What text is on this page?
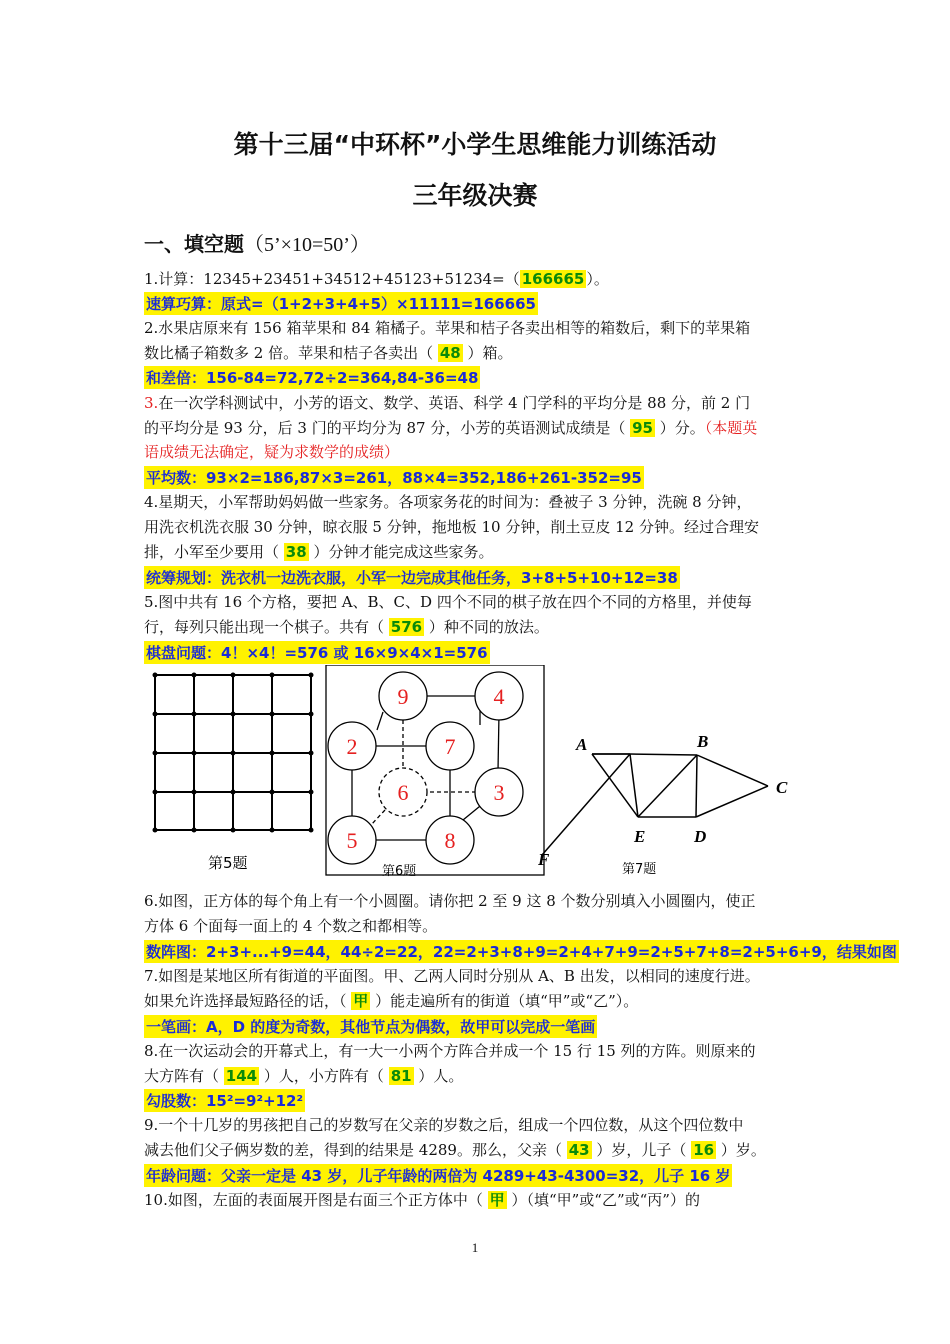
第十三届“中环杯”小学生思维能力训练活动
三年级决赛
一、填空题（5’×10=50’）
1.计算：12345+23451+34512+45123+51234=（ 166665 ）。
速算巧算：原式=（1+2+3+4+5）×11111=166665
2.水果店原来有 156 箱苹果和 84 箱橘子。苹果和桔子各卖出相等的箱数后，剩下的苹果箱
数比橘子箱数多 2 倍。苹果和桔子各卖出（ 48 ）箱。
和差倍：156-84=72,72÷2=364,84-36=48
3.在一次学科测试中，小芳的语文、数学、英语、科学 4 门学科的平均分是 88 分，前 2 门
的平均分是 93 分，后 3 门的平均分为 87 分，小芳的英语测试成绩是（ 95 ）分。（本题英
语成绩无法确定，疑为求数学的成绩）
平均数：93×2=186,87×3=261，88×4=352,186+261-352=95
4.星期天，小军帮助妈妈做一些家务。各项家务花的时间为：叠被子 3 分钟，洗碗 8 分钟，
用洗衣机洗衣服 30 分钟，晾衣服 5 分钟，拖地板 10 分钟，削土豆皮 12 分钟。经过合理安
排，小军至少要用（ 38 ）分钟才能完成这些家务。
统筹规划：洗衣机一边洗衣服，小军一边完成其他任务，3+8+5+10+12=38
5.图中共有 16 个方格，要把 A、B、C、D 四个不同的棋子放在四个不同的方格里，并使每
行，每列只能出现一个棋子。共有（ 576 ）种不同的放法。
棋盘问题：4！×4！=576 或 16×9×4×1=576
第5题
9	4
2	7
6	3
5	8
第6题
A	B
C
D
E
F
第7题
6.如图，正方体的每个角上有一个小圆圈。请你把 2 至 9 这 8 个数分别填入小圆圈内，使正
方体 6 个面每一面上的 4 个数之和都相等。
数阵图：2+3+...+9=44，44÷2=22，22=2+3+8+9=2+4+7+9=2+5+7+8=2+5+6+9，结果如图
7.如图是某地区所有街道的平面图。甲、乙两人同时分别从 A、B 出发，以相同的速度行进。
如果允许选择最短路径的话，（ 甲 ）能走遍所有的街道（填“甲”或“乙”）。
一笔画：A，D 的度为奇数，其他节点为偶数，故甲可以完成一笔画
8.在一次运动会的开幕式上，有一大一小两个方阵合并成一个 15 行 15 列的方阵。则原来的
大方阵有（ 144 ）人，小方阵有（ 81 ）人。
勾股数：15²=9²+12²
9.一个十几岁的男孩把自己的岁数写在父亲的岁数之后，组成一个四位数，从这个四位数中
减去他们父子俩岁数的差，得到的结果是 4289。那么，父亲（ 43 ）岁，儿子（ 16 ）岁。
年龄问题：父亲一定是 43 岁，儿子年龄的两倍为 4289+43-4300=32，儿子 16 岁
10.如图，左面的表面展开图是右面三个正方体中（ 甲 ）（填“甲”或“乙”或“丙”）的
1
